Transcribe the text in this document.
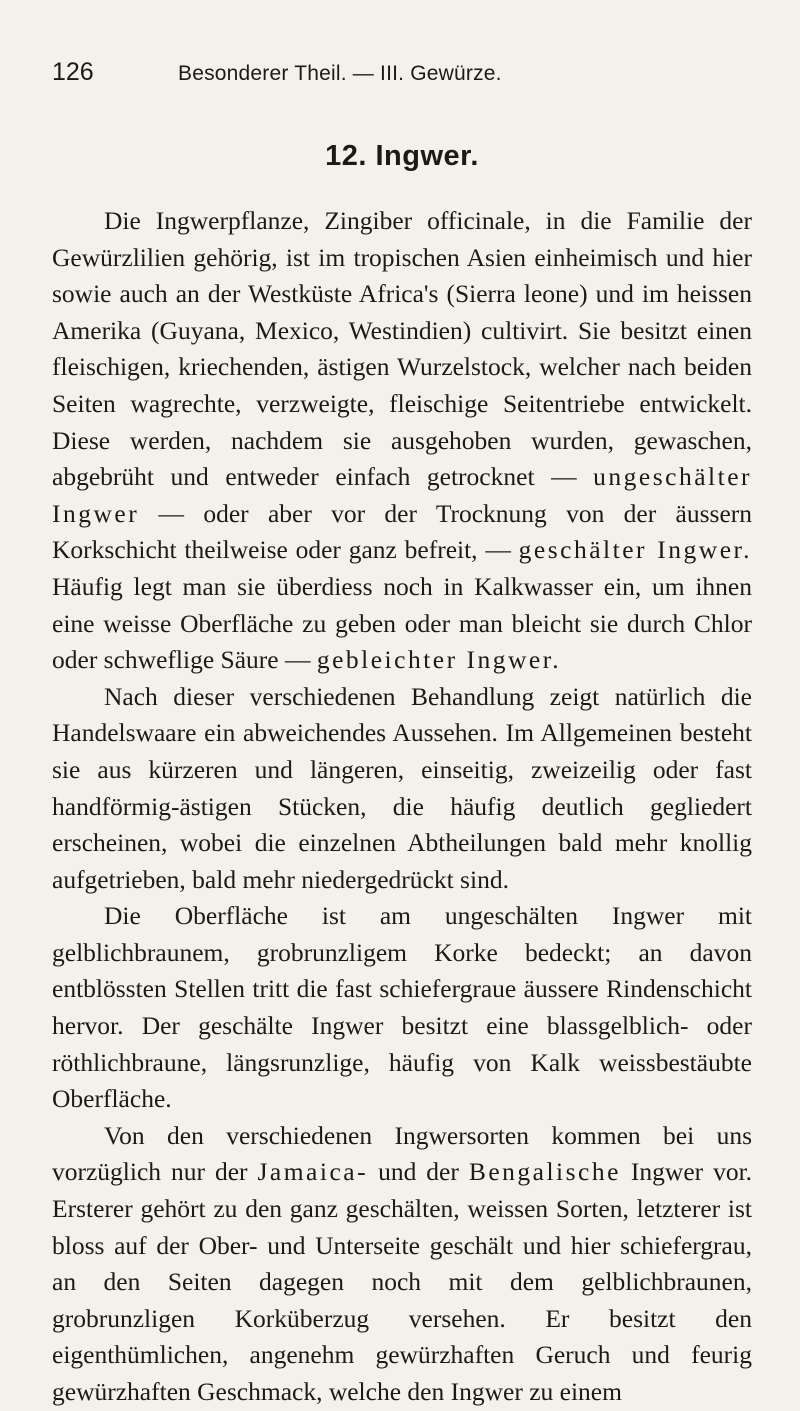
126	Besonderer Theil. — III. Gewürze.
12. Ingwer.

Die Ingwerpflanze, Zingiber officinale, in die Familie der Gewürzlilien gehörig, ist im tropischen Asien einheimisch und hier sowie auch an der Westküste Africa's (Sierra leone) und im heissen Amerika (Guyana, Mexico, Westindien) cultivirt. Sie besitzt einen fleischigen, kriechenden, ästigen Wurzelstock, welcher nach beiden Seiten wagrechte, verzweigte, fleischige Seitentriebe entwickelt. Diese werden, nachdem sie ausgehoben wurden, gewaschen, abgebrüht und entweder einfach getrocknet — ungeschälter Ingwer — oder aber vor der Trocknung von der äussern Korkschicht theilweise oder ganz befreit, — geschälter Ingwer. Häufig legt man sie überdiess noch in Kalkwasser ein, um ihnen eine weisse Oberfläche zu geben oder man bleicht sie durch Chlor oder schweflige Säure — gebleichter Ingwer.

Nach dieser verschiedenen Behandlung zeigt natürlich die Handelswaare ein abweichendes Aussehen. Im Allgemeinen besteht sie aus kürzeren und längeren, einseitig, zweizeilig oder fast handförmig-ästigen Stücken, die häufig deutlich gegliedert erscheinen, wobei die einzelnen Abtheilungen bald mehr knollig aufgetrieben, bald mehr niedergedrückt sind.

Die Oberfläche ist am ungeschälten Ingwer mit gelblichbraunem, grobrunzligem Korke bedeckt; an davon entblössten Stellen tritt die fast schiefergraue äussere Rindenschicht hervor. Der geschälte Ingwer besitzt eine blassgelblich- oder röthlichbraune, längsrunzlige, häufig von Kalk weissbestäubte Oberfläche.

Von den verschiedenen Ingwersorten kommen bei uns vorzüglich nur der Jamaica- und der Bengalische Ingwer vor. Ersterer gehört zu den ganz geschälten, weissen Sorten, letzterer ist bloss auf der Ober- und Unterseite geschält und hier schiefergrau, an den Seiten dagegen noch mit dem gelblichbraunen, grobrunzligen Korküberzug versehen. Er besitzt den eigenthümlichen, angenehm gewürzhaften Geruch und feurig gewürzhaften Geschmack, welche den Ingwer zu einem
